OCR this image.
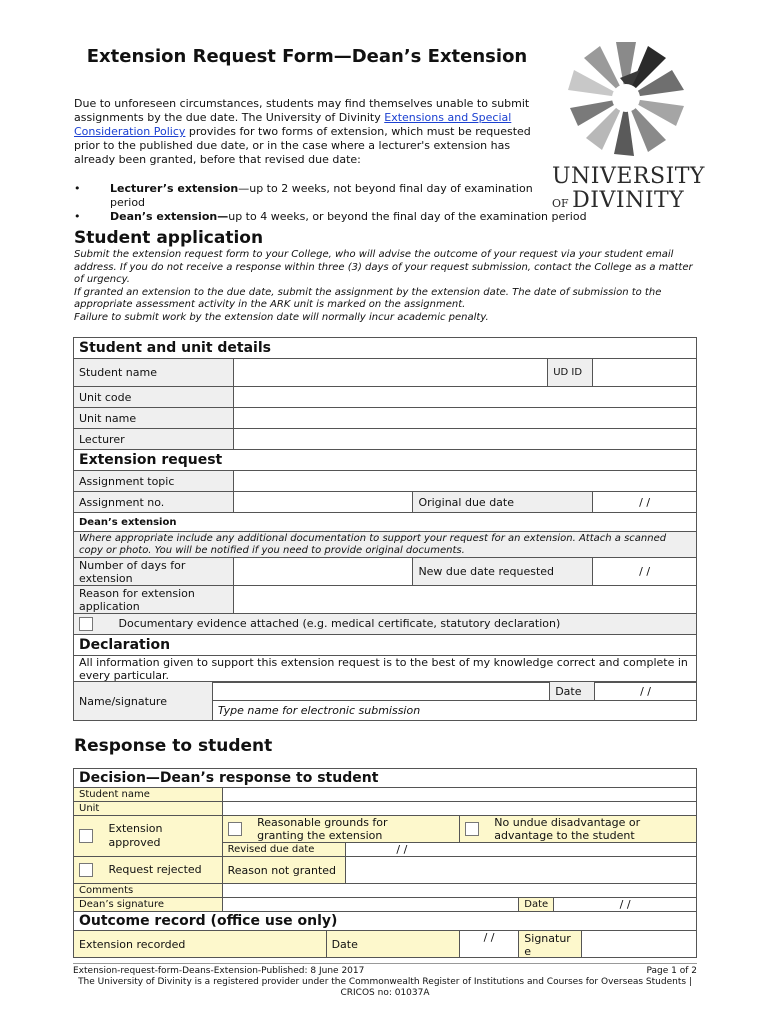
Extension Request Form—Dean’s Extension
Due to unforeseen circumstances, students may find themselves unable to submit assignments by the due date. The University of Divinity Extensions and Special Consideration Policy provides for two forms of extension, which must be requested prior to the published due date, or in the case where a lecturer's extension has already been granted, before that revised due date:
• Lecturer’s extension—up to 2 weeks, not beyond final day of examination period
• Dean’s extension—up to 4 weeks, or beyond the final day of the examination period
UNIVERSITY
OF DIVINITY
Student application
Submit the extension request form to your College, who will advise the outcome of your request via your student email address. If you do not receive a response within three (3) days of your request submission, contact the College as a matter of urgency.
If granted an extension to the due date, submit the assignment by the extension date. The date of submission to the appropriate assessment activity in the ARK unit is marked on the assignment.
Failure to submit work by the extension date will normally incur academic penalty.
Student and unit details				
Student name			UD ID	
Unit code				
Unit name				
Lecturer				
Extension request				
Assignment topic				
Assignment no.		Original due date		/ /
Dean’s extension				
Where appropriate include any additional documentation to support your request for an extension. Attach a scanned copy or photo. You will be notified if you need to provide original documents.				
Number of days for extension		New due date requested		/ /
Reason for extension application				
Documentary evidence attached (e.g. medical certificate, statutory declaration)				
Declaration				
All information given to support this extension request is to the best of my knowledge correct and complete in every particular.				
Name/signature		Date	/ /
Type name for electronic submission
Response to student
Decision—Dean’s response to student						
Student name						
Unit						
Extension approved	Reasonable grounds for granting the extension			No undue disadvantage or advantage to the student		
	Revised due date		/ /			
Request rejected	Reason not granted					
Comments						
Dean’s signature					Date	/ /
Outcome record (office use only)						
Extension recorded		Date		/ /	Signature	
Extension-request-form-Deans-Extension-Published: 8 June 2017	Page 1 of 2
The University of Divinity is a registered provider under the Commonwealth Register of Institutions and Courses for Overseas Students | CRICOS no: 01037A
